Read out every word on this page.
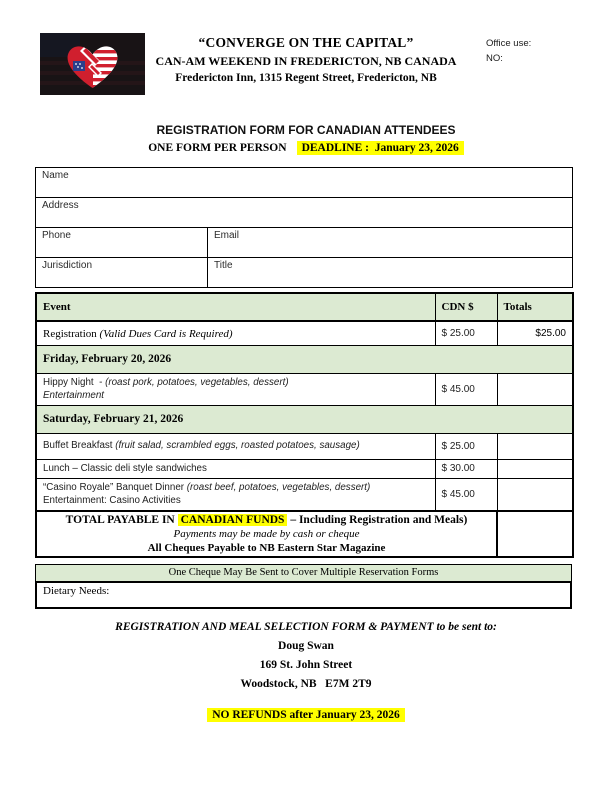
“CONVERGE ON THE CAPITAL”
CAN-AM WEEKEND IN FREDERICTON, NB CANADA
Fredericton Inn, 1315 Regent Street, Fredericton, NB
Office use:
NO:
REGISTRATION FORM FOR CANADIAN ATTENDEES
ONE FORM PER PERSON DEADLINE :  January 23, 2026
Name	
Address	
Phone	Email
Jurisdiction	Title
Event	CDN $	Totals
Registration (Valid Dues Card is Required)	$ 25.00	$25.00
Friday, February 20, 2026		

Hippy Night  - (roast pork, potatoes, vegetables, dessert)
Entertainment	$ 45.00	
Saturday, February 21, 2026		
Buffet Breakfast (fruit salad, scrambled eggs, roasted potatoes, sausage)	$ 25.00	
Lunch – Classic deli style sandwiches	$ 30.00	

“Casino Royale” Banquet Dinner (roast beef, potatoes, vegetables, dessert)
Entertainment: Casino Activities	$ 45.00	

TOTAL PAYABLE IN CANADIAN FUNDS – Including Registration and Meals)
Payments may be made by cash or cheque
All Cheques Payable to NB Eastern Star Magazine		

One Cheque May Be Sent to Cover Multiple Reservation Forms
Dietary Needs:
REGISTRATION AND MEAL SELECTION FORM & PAYMENT to be sent to:
Doug Swan
169 St. John Street
Woodstock, NB   E7M 2T9
NO REFUNDS after January 23, 2026
